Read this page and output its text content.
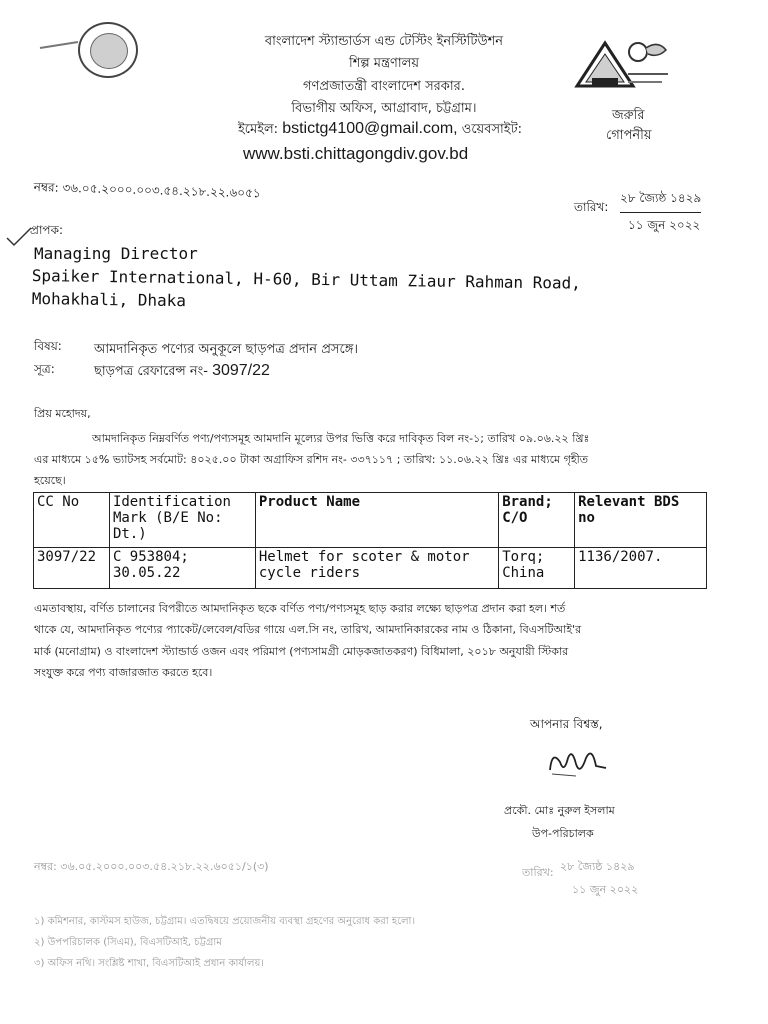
বাংলাদেশ স্ট্যান্ডার্ডস এন্ড টেস্টিং ইনস্টিটিউশন
শিল্প মন্ত্রণালয়
গণপ্রজাতন্ত্রী বাংলাদেশ সরকার.
বিভাগীয় অফিস, আগ্রাবাদ, চট্টগ্রাম।
ইমেইল: bstictg4100@gmail.com, ওয়েবসাইট:
www.bsti.chittagongdiv.gov.bd
জরুরি
গোপনীয়
নম্বর: ৩৬.০৫.২০০০.০০৩.৫৪.২১৮.২২.৬০৫১
তারিখ:
২৮ জ্যৈষ্ঠ ১৪২৯
১১ জুন ২০২২
প্রাপক:
Managing Director
Spaiker International, H-60, Bir Uttam Ziaur Rahman Road,
Mohakhali, Dhaka
বিষয়: আমদানিকৃত পণ্যের অনুকূলে ছাড়পত্র প্রদান প্রসঙ্গে।
সূত্র:	ছাড়পত্র রেফারেন্স নং- 3097/22
প্রিয় মহোদয়,
আমদানিকৃত নিম্নবর্ণিত পণ্য/পণ্যসমূহ আমদানি মূল্যের উপর ভিত্তি করে দাবিকৃত বিল নং-১; তারিখ ০৯.০৬.২২ খ্রিঃ
এর মাধ্যমে ১৫% ভ্যাটসহ সর্বমোট: ৪০২৫.০০ টাকা অগ্রাফিস রশিদ নং- ৩৩৭১১৭ ; তারিখ: ১১.০৬.২২ খ্রিঃ এর মাধ্যমে গৃহীত
হয়েছে।
CC No	Identification Mark (B/E No: Dt.)	Product Name	Brand; C/O	Relevant BDS no
3097/22	C 953804; 30.05.22	Helmet for scoter & motor cycle riders	Torq; China	1136/2007.
এমতাবস্থায়, বর্ণিত চালানের বিপরীতে আমদানিকৃত ছকে বর্ণিত পণ্য/পণ্যসমূহ ছাড় করার লক্ষ্যে ছাড়পত্র প্রদান করা হল। শর্ত
থাকে যে, আমদানিকৃত পণ্যের প্যাকেট/লেবেল/বডির গায়ে এল.সি নং, তারিখ, আমদানিকারকের নাম ও ঠিকানা, বিএসটিআই'র
মার্ক (মনোগ্রাম) ও বাংলাদেশ স্ট্যান্ডার্ড ওজন এবং পরিমাপ (পণ্যসামগ্রী মোড়কজাতকরণ) বিধিমালা, ২০১৮ অনুযায়ী স্টিকার
সংযুক্ত করে পণ্য বাজারজাত করতে হবে।
আপনার বিশ্বস্ত,
প্রকৌ. মোঃ নুরুল ইসলাম
উপ-পরিচালক
নম্বর: ৩৬.০৫.২০০০.০০৩.৫৪.২১৮.২২.৬০৫১/১(৩)	তারিখ: ২৮ জ্যৈষ্ঠ ১৪২৯
১১ জুন ২০২২
১) কমিশনার, কাস্টমস হাউজ, চট্টগ্রাম। এতদ্বিষয়ে প্রয়োজনীয় ব্যবস্থা গ্রহণের অনুরোধ করা হলো।
২) উপপরিচালক (সিএম), বিএসটিআই, চট্টগ্রাম
৩) অফিস নথি। সংশ্লিষ্ট শাখা, বিএসটিআই প্রধান কার্যালয়।
